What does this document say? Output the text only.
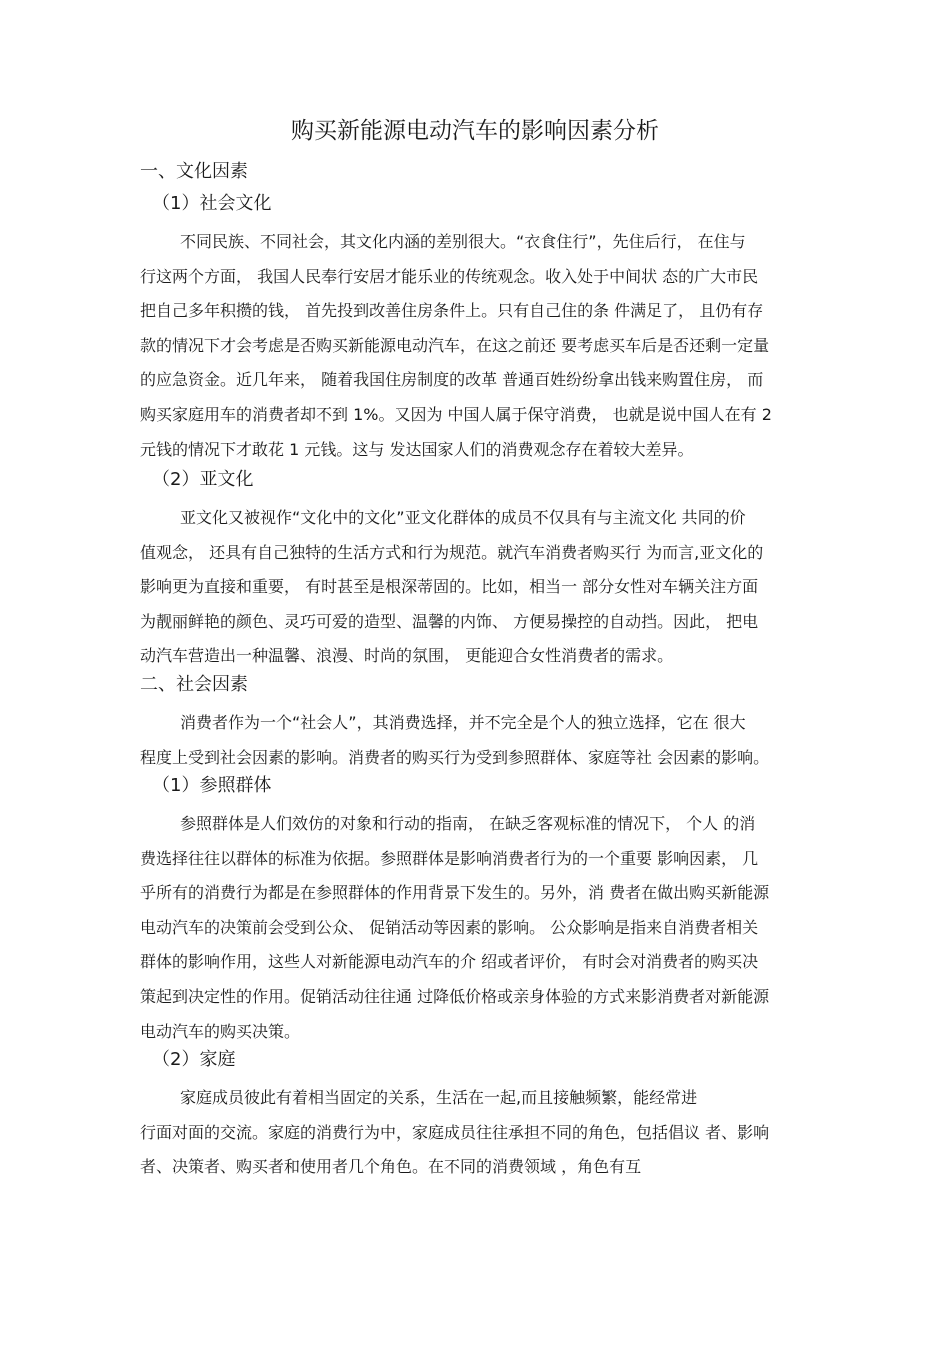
购买新能源电动汽车的影响因素分析
一、文化因素
（1）社会文化
不同民族、不同社会，其文化内涵的差别很大。“衣食住行”，先住后行， 在住与
行这两个方面， 我国人民奉行安居才能乐业的传统观念。收入处于中间状 态的广大市民
把自己多年积攒的钱， 首先投到改善住房条件上。只有自己住的条 件满足了， 且仍有存
款的情况下才会考虑是否购买新能源电动汽车，在这之前还 要考虑买车后是否还剩一定量
的应急资金。近几年来， 随着我国住房制度的改革 普通百姓纷纷拿出钱来购置住房， 而
购买家庭用车的消费者却不到 1%。又因为 中国人属于保守消费， 也就是说中国人在有 2
元钱的情况下才敢花 1 元钱。这与 发达国家人们的消费观念存在着较大差异。
（2）亚文化
亚文化又被视作“文化中的文化”亚文化群体的成员不仅具有与主流文化 共同的价
值观念， 还具有自己独特的生活方式和行为规范。就汽车消费者购买行 为而言,亚文化的
影响更为直接和重要， 有时甚至是根深蒂固的。比如，相当一 部分女性对车辆关注方面
为靓丽鲜艳的颜色、灵巧可爱的造型、温馨的内饰、 方便易操控的自动挡。因此， 把电
动汽车营造出一种温馨、浪漫、时尚的氛围， 更能迎合女性消费者的需求。
二、社会因素
消费者作为一个“社会人”，其消费选择，并不完全是个人的独立选择，它在 很大
程度上受到社会因素的影响。消费者的购买行为受到参照群体、家庭等社 会因素的影响。
（1）参照群体
参照群体是人们效仿的对象和行动的指南， 在缺乏客观标准的情况下， 个人 的消
费选择往往以群体的标准为依据。参照群体是影响消费者行为的一个重要 影响因素， 几
乎所有的消费行为都是在参照群体的作用背景下发生的。另外，消 费者在做出购买新能源
电动汽车的决策前会受到公众、 促销活动等因素的影响。 公众影响是指来自消费者相关
群体的影响作用，这些人对新能源电动汽车的介 绍或者评价， 有时会对消费者的购买决
策起到决定性的作用。促销活动往往通 过降低价格或亲身体验的方式来影消费者对新能源
电动汽车的购买决策。
（2）家庭
家庭成员彼此有着相当固定的关系，生活在一起,而且接触频繁，能经常进
行面对面的交流。家庭的消费行为中，家庭成员往往承担不同的角色，包括倡议 者、影响
者、决策者、购买者和使用者几个角色。在不同的消费领域 ，角色有互
